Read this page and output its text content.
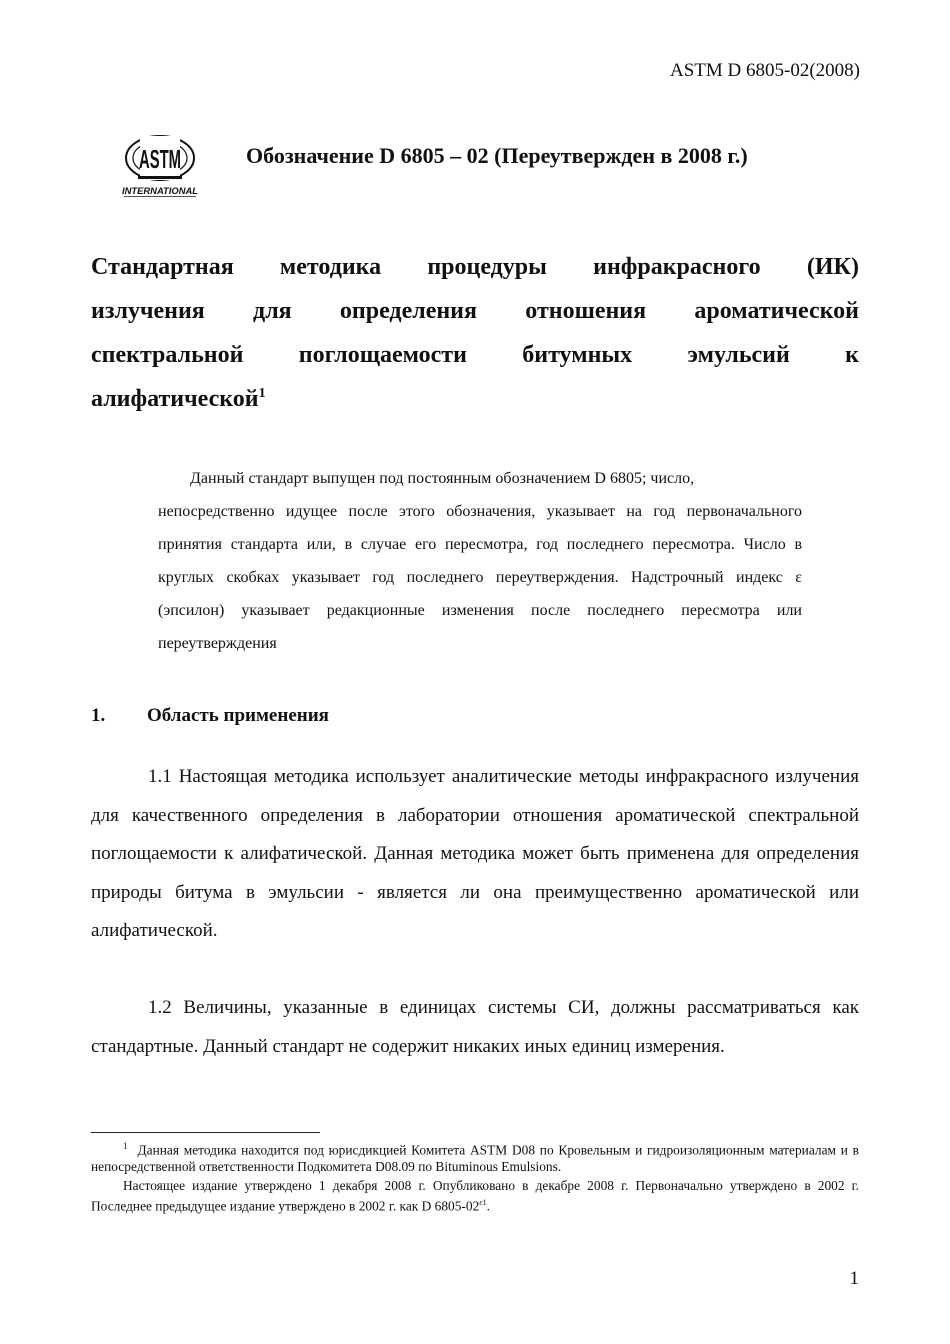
ASTM D 6805-02(2008)
ASTM
INTERNATIONAL
Обозначение D 6805 – 02 (Переутвержден в 2008 г.)
Стандартная методика процедуры инфракрасного (ИК)
излучения для определения отношения ароматической
спектральной поглощаемости битумных эмульсий к
алифатической$^1$
Данный стандарт выпущен под постоянным обозначением D 6805; число,
непосредственно идущее после этого обозначения, указывает на год первоначального принятия стандарта или, в случае его пересмотра, год последнего пересмотра. Число в круглых скобках указывает год последнего переутверждения. Надстрочный индекс ε (эпсилон) указывает редакционные изменения после последнего пересмотра или переутверждения
1. Область применения
1.1 Настоящая методика использует аналитические методы инфракрасного излучения для качественного определения в лаборатории отношения ароматической спектральной поглощаемости к алифатической. Данная методика может быть применена для определения природы битума в эмульсии - является ли она преимущественно ароматической или алифатической.
1.2 Величины, указанные в единицах системы СИ, должны рассматриваться как стандартные. Данный стандарт не содержит никаких иных единиц измерения.
$^1$ Данная методика находится под юрисдикцией Комитета ASTM D08 по Кровельным и гидроизоляционным материалам и в непосредственной ответственности Подкомитета D08.09 по Bituminous Emulsions.
Настоящее издание утверждено 1 декабря 2008 г. Опубликовано в декабре 2008 г. Первоначально утверждено в 2002 г. Последнее предыдущее издание утверждено в 2002 г. как D $6805-02^{\varepsilon 1}$.
1
